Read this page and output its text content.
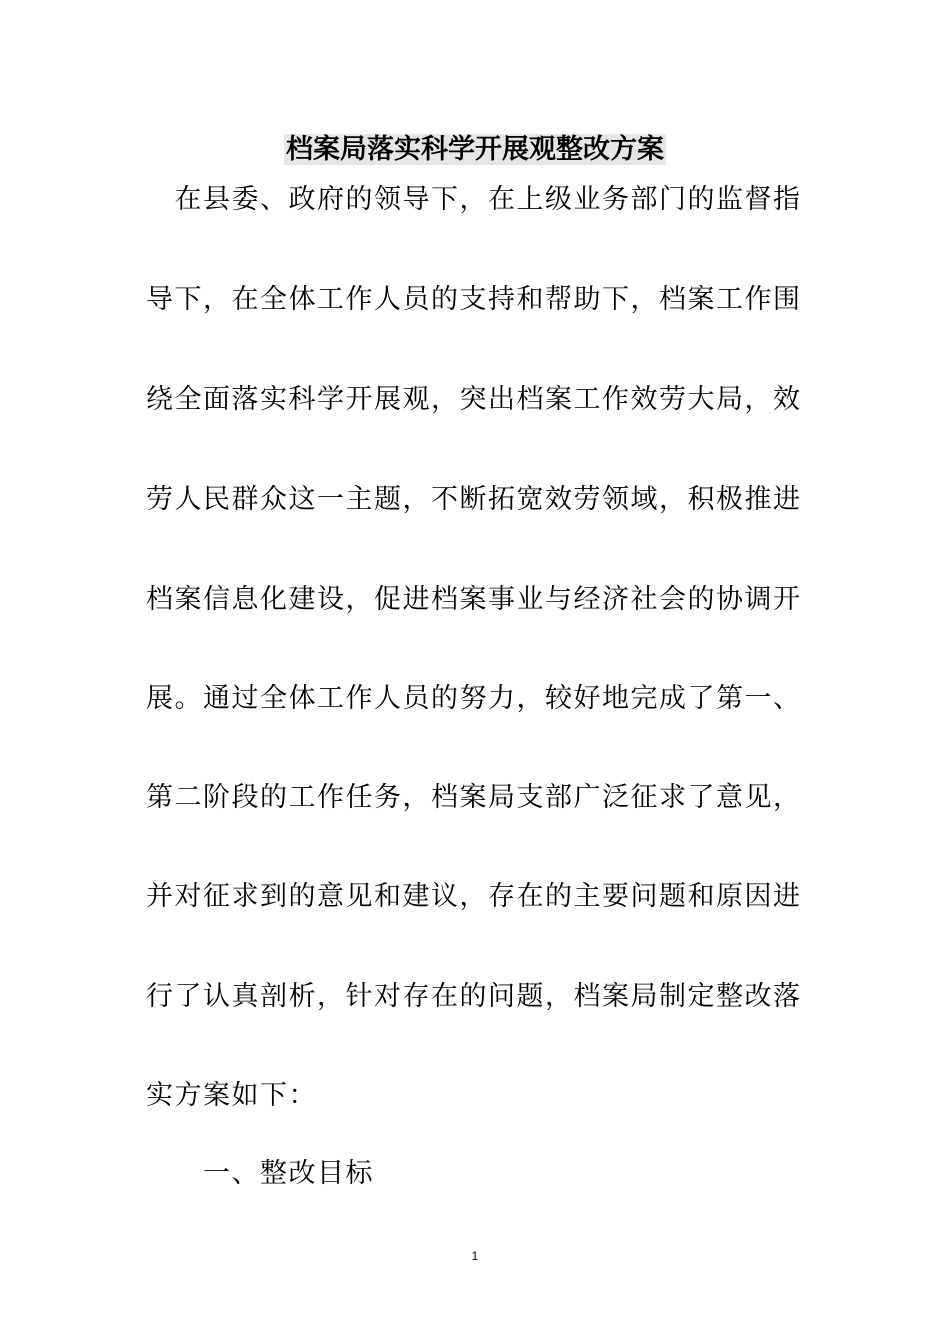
档案局落实科学开展观整改方案
　在县委、政府的领导下，在上级业务部门的监督指
导下，在全体工作人员的支持和帮助下，档案工作围
绕全面落实科学开展观，突出档案工作效劳大局，效
劳人民群众这一主题，不断拓宽效劳领域，积极推进
档案信息化建设，促进档案事业与经济社会的协调开
展。通过全体工作人员的努力，较好地完成了第一、
第二阶段的工作任务，档案局支部广泛征求了意见，
并对征求到的意见和建议，存在的主要问题和原因进
行了认真剖析，针对存在的问题，档案局制定整改落
实方案如下：
一、整改目标
1
